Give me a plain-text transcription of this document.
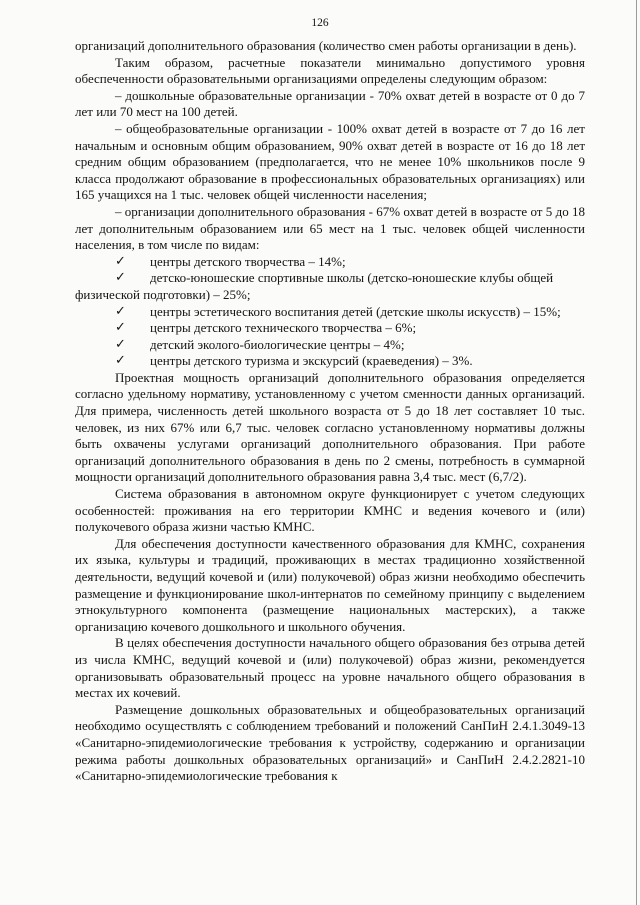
126

организаций дополнительного образования (количество смен работы организации в день).

Таким образом, расчетные показатели минимально допустимого уровня обеспеченности образовательными организациями определены следующим образом:

– дошкольные образовательные организации - 70% охват детей в возрасте от 0 до 7 лет или 70 мест на 100 детей.

– общеобразовательные организации - 100% охват детей в возрасте от 7 до 16 лет начальным и основным общим образованием, 90% охват детей в возрасте от 16 до 18 лет средним общим образованием (предполагается, что не менее 10% школьников после 9 класса продолжают образование в профессиональных образовательных организациях) или 165 учащихся на 1 тыс. человек общей численности населения;

– организации дополнительного образования - 67% охват детей в возрасте от 5 до 18 лет дополнительным образованием или 65 мест на 1 тыс. человек общей численности населения, в том числе по видам:

✓ центры детского творчества – 14%;
✓ детско-юношеские спортивные школы (детско-юношеские клубы общей физической подготовки) – 25%;
✓ центры эстетического воспитания детей (детские школы искусств) – 15%;
✓ центры детского технического творчества – 6%;
✓ детский эколого-биологические центры – 4%;
✓ центры детского туризма и экскурсий (краеведения) – 3%.

Проектная мощность организаций дополнительного образования определяется согласно удельному нормативу, установленному с учетом сменности данных организаций. Для примера, численность детей школьного возраста от 5 до 18 лет составляет 10 тыс. человек, из них 67% или 6,7 тыс. человек согласно установленному нормативы должны быть охвачены услугами организаций дополнительного образования. При работе организаций дополнительного образования в день по 2 смены, потребность в суммарной мощности организаций дополнительного образования равна 3,4 тыс. мест (6,7/2).

Система образования в автономном округе функционирует с учетом следующих особенностей: проживания на его территории КМНС и ведения кочевого и (или) полукочевого образа жизни частью КМНС.

Для обеспечения доступности качественного образования для КМНС, сохранения их языка, культуры и традиций, проживающих в местах традиционно хозяйственной деятельности, ведущий кочевой и (или) полукочевой) образ жизни необходимо обеспечить размещение и функционирование школ-интернатов по семейному принципу с выделением этнокультурного компонента (размещение национальных мастерских), а также организацию кочевого дошкольного и школьного обучения.

В целях обеспечения доступности начального общего образования без отрыва детей из числа КМНС, ведущий кочевой и (или) полукочевой) образ жизни, рекомендуется организовывать образовательный процесс на уровне начального общего образования в местах их кочевий.

Размещение дошкольных образовательных и общеобразовательных организаций необходимо осуществлять с соблюдением требований и положений СанПиН 2.4.1.3049-13 «Санитарно-эпидемиологические требования к устройству, содержанию и организации режима работы дошкольных образовательных организаций» и СанПиН 2.4.2.2821-10 «Санитарно-эпидемиологические требования к
